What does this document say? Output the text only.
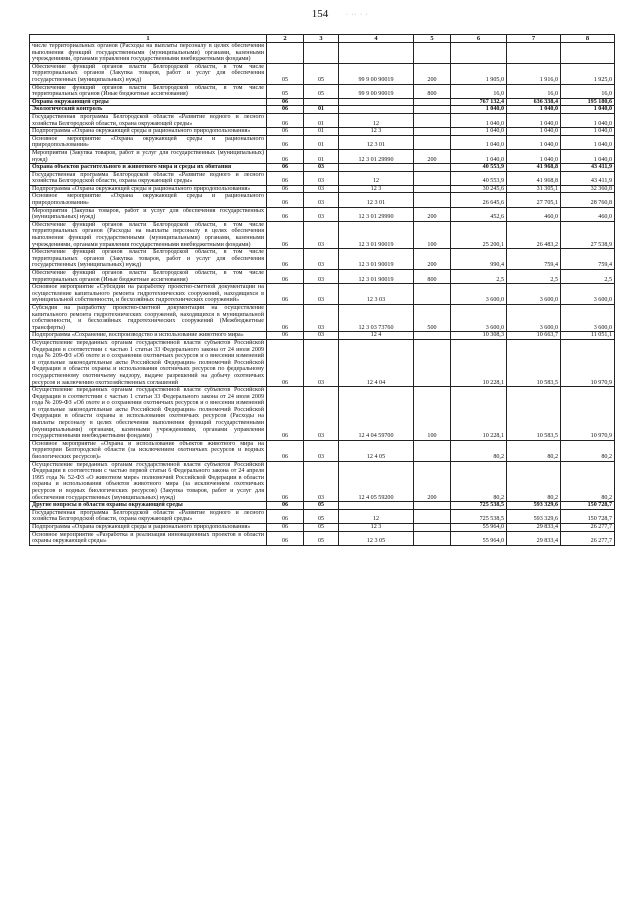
154	· ·· · ·
1	2	3	4	5	6	7	8
числе территориальных органов (Расходы на выплаты персоналу в целях обеспечения выполнения функций государственными (муниципальными) органами, казенными учреждениями, органами управления государственными внебюджетными фондами)							
Обеспечение функций органов власти Белгородской области, в том числе территориальных органов (Закупка товаров, работ и услуг для обеспечения государственных (муниципальных) нужд)	05	05	99 9 00 90019	200	1 905,0	1 916,0	1 925,0
Обеспечение функций органов власти Белгородской области, в том числе территориальных органов (Иные бюджетные ассигнования)	05	05	99 9 00 90019	800	16,0	16,0	16,0
Охрана окружающей среды	06				767 132,4	636 338,4	195 180,6
Экологический контроль	06	01			1 040,0	1 040,0	1 040,0
Государственная программа Белгородской области «Развитие водного и лесного хозяйства Белгородской области, охрана окружающей среды»	06	01	12		1 040,0	1 040,0	1 040,0
Подпрограмма «Охрана окружающей среды и рационального природопользования»	06	01	12 3		1 040,0	1 040,0	1 040,0
Основное мероприятие «Охрана окружающей среды и рационального природопользования»	06	01	12 3 01		1 040,0	1 040,0	1 040,0
Мероприятия (Закупка товаров, работ и услуг для государственных (муниципальных) нужд)	06	01	12 3 01 29990	200	1 040,0	1 040,0	1 040,0
Охрана объектов растительного и животного мира и среды их обитания	06	03			40 553,9	41 968,8	43 411,9
Государственная программа Белгородской области «Развитие водного и лесного хозяйства Белгородской области, охрана окружающей среды»	06	03	12		40 553,9	41 968,8	43 411,9
Подпрограмма «Охрана окружающей среды и рационального природопользования»	06	03	12 3		30 245,6	31 305,1	32 360,8
Основное мероприятие «Охрана окружающей среды и рационального природопользования»	06	03	12 3 01		26 645,6	27 705,1	28 760,8
Мероприятия (Закупка товаров, работ и услуг для обеспечения государственных (муниципальных) нужд)	06	03	12 3 01 29990	200	452,6	460,0	460,0
Обеспечение функций органов власти Белгородской области, в том числе территориальных органов (Расходы на выплаты персоналу в целях обеспечения выполнения функций государственными (муниципальными) органами, казенными учреждениями, органами управления государственными внебюджетными фондами)	06	03	12 3 01 90019	100	25 200,1	26 483,2	27 538,9
Обеспечение функций органов власти Белгородской области, в том числе территориальных органов (Закупка товаров, работ и услуг для обеспечения государственных (муниципальных) нужд)	06	03	12 3 01 90019	200	990,4	759,4	759,4
Обеспечение функций органов власти Белгородской области, в том числе территориальных органов (Иные бюджетные ассигнования)	06	03	12 3 01 90019	800	2,5	2,5	2,5
Основное мероприятие «Субсидии на разработку проектно-сметной документации на осуществление капитального ремонта гидротехнических сооружений, находящихся в муниципальной собственности, и бесхозяйных гидротехнических сооружений»	06	03	12 3 03		3 600,0	3 600,0	3 600,0
Субсидия на разработку проектно-сметной документации на осуществление капитального ремонта гидротехнических сооружений, находящихся в муниципальной собственности, и бесхозяйных гидротехнических сооружений (Межбюджетные трансферты)	06	03	12 3 03 73760	500	3 600,0	3 600,0	3 600,0
Подпрограмма «Сохранение, воспроизводство и использование животного мира»	06	03	12 4		10 308,3	10 663,7	11 051,1
Осуществление переданных органам государственной власти субъектов Российской Федерации в соответствии с частью 1 статьи 33 Федерального закона от 24 июля 2009 года № 209-ФЗ «Об охоте и о сохранении охотничьих ресурсов и о внесении изменений в отдельные законодательные акты Российской Федерации» полномочий Российской Федерации в области охраны и использования охотничьих ресурсов по федеральному государственному охотничьему надзору, выдаче разрешений на добычу охотничьих ресурсов и заключению охотхозяйственных соглашений	06	03	12 4 04		10 228,1	10 583,5	10 970,9
Осуществление переданных органам государственной власти субъектов Российской Федерации в соответствии с частью 1 статьи 33 Федерального закона от 24 июля 2009 года № 209-ФЗ «Об охоте и о сохранении охотничьих ресурсов и о внесении изменений в отдельные законодательные акты Российской Федерации» полномочий Российской Федерации в области охраны и использования охотничьих ресурсов (Расходы на выплаты персоналу в целях обеспечения выполнения функций государственными (муниципальными) органами, казенными учреждениями, органами управления государственными внебюджетными фондами)	06	03	12 4 04 59700	100	10 228,1	10 583,5	10 970,9
Основное мероприятие «Охрана и использование объектов животного мира на территории Белгородской области (за исключением охотничьих ресурсов и водных биологических ресурсов)»	06	03	12 4 05		80,2	80,2	80,2
Осуществление переданных органам государственной власти субъектов Российской Федерации в соответствии с частью первой статьи 6 Федерального закона от 24 апреля 1995 года № 52-ФЗ «О животном мире» полномочий Российской Федерации в области охраны и использования объектов животного мира (за исключением охотничьих ресурсов и водных биологических ресурсов) (Закупка товаров, работ и услуг для обеспечения государственных (муниципальных) нужд)	06	03	12 4 05 59200	200	80,2	80,2	80,2
Другие вопросы в области охраны окружающей среды	06	05			725 538,5	593 329,6	150 728,7
Государственная программа Белгородской области «Развитие водного и лесного хозяйства Белгородской области, охрана окружающей среды»	06	05	12		725 538,5	593 329,6	150 728,7
Подпрограмма «Охрана окружающей среды и рационального природопользования»	06	05	12 3		55 964,0	29 833,4	26 277,7
Основное мероприятие «Разработка и реализация инновационных проектов в области охраны окружающей среды»	06	05	12 3 05		55 964,0	29 833,4	26 277,7
